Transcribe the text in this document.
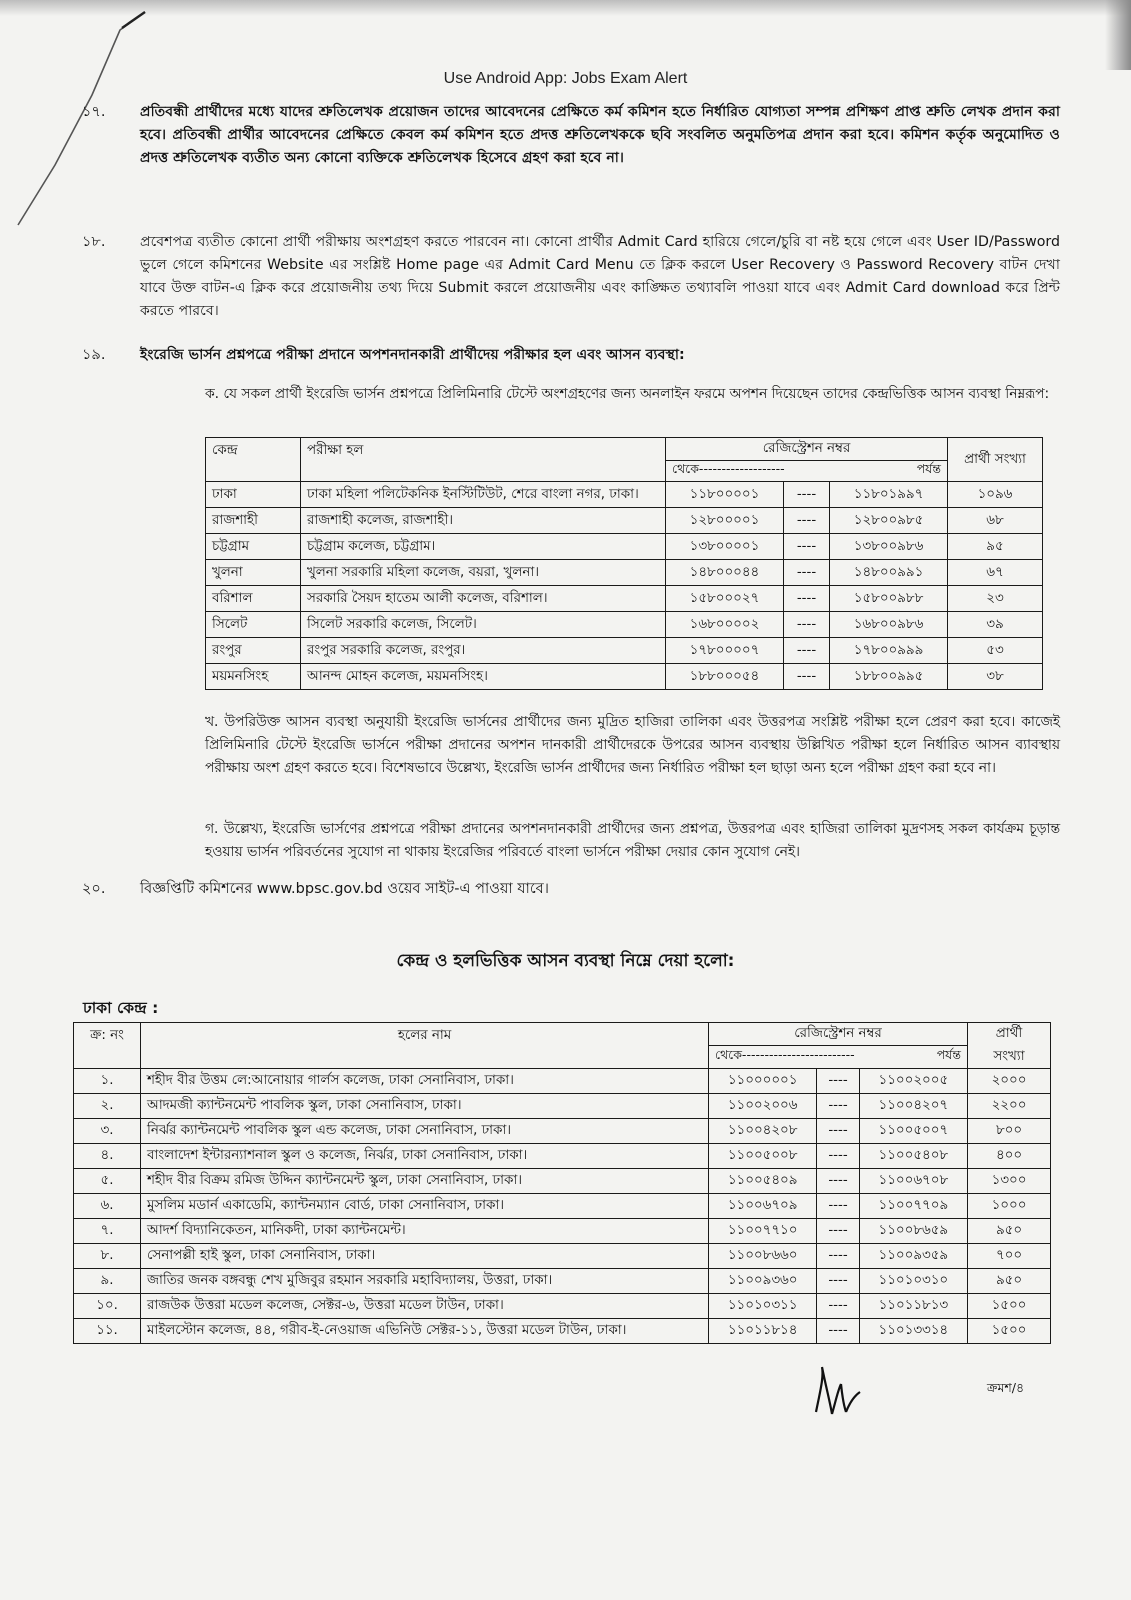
Use Android App: Jobs Exam Alert
১৭. প্রতিবন্ধী প্রার্থীদের মধ্যে যাদের শ্রুতিলেখক প্রয়োজন তাদের আবেদনের প্রেক্ষিতে কর্ম কমিশন হতে নির্ধারিত যোগ্যতা সম্পন্ন প্রশিক্ষণ প্রাপ্ত শ্রুতি লেখক প্রদান করা হবে। প্রতিবন্ধী প্রার্থীর আবেদনের প্রেক্ষিতে কেবল কর্ম কমিশন হতে প্রদত্ত শ্রুতিলেখককে ছবি সংবলিত অনুমতিপত্র প্রদান করা হবে। কমিশন কর্তৃক অনুমোদিত ও প্রদত্ত শ্রুতিলেখক ব্যতীত অন্য কোনো ব্যক্তিকে শ্রুতিলেখক হিসেবে গ্রহণ করা হবে না।
১৮. প্রবেশপত্র ব্যতীত কোনো প্রার্থী পরীক্ষায় অংশগ্রহণ করতে পারবেন না। কোনো প্রার্থীর Admit Card হারিয়ে গেলে/চুরি বা নষ্ট হয়ে গেলে এবং User ID/Password ভুলে গেলে কমিশনের Website এর সংশ্লিষ্ট Home page এর Admit Card Menu তে ক্লিক করলে User Recovery ও Password Recovery বাটন দেখা যাবে উক্ত বাটন-এ ক্লিক করে প্রয়োজনীয় তথ্য দিয়ে Submit করলে প্রয়োজনীয় এবং কাঙ্ক্ষিত তথ্যাবলি পাওয়া যাবে এবং Admit Card download করে প্রিন্ট করতে পারবে।
১৯. ইংরেজি ভার্সন প্রশ্নপত্রে পরীক্ষা প্রদানে অপশনদানকারী প্রার্থীদেয় পরীক্ষার হল এবং আসন ব্যবস্থা:
ক. যে সকল প্রার্থী ইংরেজি ভার্সন প্রশ্নপত্রে প্রিলিমিনারি টেস্টে অংশগ্রহণের জন্য অনলাইন ফরমে অপশন দিয়েছেন তাদের কেন্দ্রভিত্তিক আসন ব্যবস্থা নিম্নরূপ:
কেন্দ্র	পরীক্ষা হল	রেজিস্ট্রেশন নম্বর			প্রার্থী সংখ্যা

		থেকে------------------- পর্যন্ত			

ঢাকা	ঢাকা মহিলা পলিটেকনিক ইনস্টিটিউট, শেরে বাংলা নগর, ঢাকা।	১১৮০০০০১	----	১১৮০১৯৯৭	১০৯৬
রাজশাহী	রাজশাহী কলেজ, রাজশাহী।	১২৮০০০০১	----	১২৮০০৯৮৫	৬৮
চট্টগ্রাম	চট্টগ্রাম কলেজ, চট্টগ্রাম।	১৩৮০০০০১	----	১৩৮০০৯৮৬	৯৫
খুলনা	খুলনা সরকারি মহিলা কলেজ, বয়রা, খুলনা।	১৪৮০০০৪৪	----	১৪৮০০৯৯১	৬৭
বরিশাল	সরকারি সৈয়দ হাতেম আলী কলেজ, বরিশাল।	১৫৮০০০২৭	----	১৫৮০০৯৮৮	২৩
সিলেট	সিলেট সরকারি কলেজ, সিলেট।	১৬৮০০০০২	----	১৬৮০০৯৮৬	৩৯
রংপুর	রংপুর সরকারি কলেজ, রংপুর।	১৭৮০০০০৭	----	১৭৮০০৯৯৯	৫৩
ময়মনসিংহ	আনন্দ মোহন কলেজ, ময়মনসিংহ।	১৮৮০০০৫৪	----	১৮৮০০৯৯৫	৩৮
খ. উপরিউক্ত আসন ব্যবস্থা অনুযায়ী ইংরেজি ভার্সনের প্রার্থীদের জন্য মুদ্রিত হাজিরা তালিকা এবং উত্তরপত্র সংশ্লিষ্ট পরীক্ষা হলে প্রেরণ করা হবে। কাজেই প্রিলিমিনারি টেস্টে ইংরেজি ভার্সনে পরীক্ষা প্রদানের অপশন দানকারী প্রার্থীদেরকে উপরের আসন ব্যবস্থায় উল্লিখিত পরীক্ষা হলে নির্ধারিত আসন ব্যাবস্থায় পরীক্ষায় অংশ গ্রহণ করতে হবে। বিশেষভাবে উল্লেখ্য, ইংরেজি ভার্সন প্রার্থীদের জন্য নির্ধারিত পরীক্ষা হল ছাড়া অন্য হলে পরীক্ষা গ্রহণ করা হবে না।
গ. উল্লেখ্য, ইংরেজি ভার্সণের প্রশ্নপত্রে পরীক্ষা প্রদানের অপশনদানকারী প্রার্থীদের জন্য প্রশ্নপত্র, উত্তরপত্র এবং হাজিরা তালিকা মুদ্রণসহ সকল কার্যক্রম চূড়ান্ত হওয়ায় ভার্সন পরিবর্তনের সুযোগ না থাকায় ইংরেজির পরিবর্তে বাংলা ভার্সনে পরীক্ষা দেয়ার কোন সুযোগ নেই।
২০. বিজ্ঞপ্তিটি কমিশনের www.bpsc.gov.bd ওয়েব সাইট-এ পাওয়া যাবে।
কেন্দ্র ও হলভিত্তিক আসন ব্যবস্থা নিম্নে দেয়া হলো:
ঢাকা কেন্দ্র :
ক্র: নং	হলের নাম	রেজিস্ট্রেশন নম্বর			প্রার্থী

		থেকে------------------------- পর্যন্ত			সংখ্যা
১.	শহীদ বীর উত্তম লে:আনোয়ার গার্লস কলেজ, ঢাকা সেনানিবাস, ঢাকা।	১১০০০০০১	----	১১০০২০০৫	২০০০
২.	আদমজী ক্যান্টনমেন্ট পাবলিক স্কুল, ঢাকা সেনানিবাস, ঢাকা।	১১০০২০০৬	----	১১০০৪২০৭	২২০০
৩.	নির্ঝর ক্যান্টনমেন্ট পাবলিক স্কুল এন্ড কলেজ, ঢাকা সেনানিবাস, ঢাকা।	১১০০৪২০৮	----	১১০০৫০০৭	৮০০
৪.	বাংলাদেশ ইন্টারন্যাশনাল স্কুল ও কলেজ, নির্ঝর, ঢাকা সেনানিবাস, ঢাকা।	১১০০৫০০৮	----	১১০০৫৪০৮	৪০০
৫.	শহীদ বীর বিক্রম রমিজ উদ্দিন ক্যান্টনমেন্ট স্কুল, ঢাকা সেনানিবাস, ঢাকা।	১১০০৫৪০৯	----	১১০০৬৭০৮	১৩০০
৬.	মুসলিম মডার্ন একাডেমি, ক্যান্টনম্যান বোর্ড, ঢাকা সেনানিবাস, ঢাকা।	১১০০৬৭০৯	----	১১০০৭৭০৯	১০০০
৭.	আদর্শ বিদ্যানিকেতন, মানিকদী, ঢাকা ক্যান্টনমেন্ট।	১১০০৭৭১০	----	১১০০৮৬৫৯	৯৫০
৮.	সেনাপল্লী হাই স্কুল, ঢাকা সেনানিবাস, ঢাকা।	১১০০৮৬৬০	----	১১০০৯৩৫৯	৭০০
৯.	জাতির জনক বঙ্গবন্ধু শেখ মুজিবুর রহমান সরকারি মহাবিদ্যালয়, উত্তরা, ঢাকা।	১১০০৯৩৬০	----	১১০১০৩১০	৯৫০
১০.	রাজউক উত্তরা মডেল কলেজ, সেক্টর-৬, উত্তরা মডেল টাউন, ঢাকা।	১১০১০৩১১	----	১১০১১৮১৩	১৫০০
১১.	মাইলস্টোন কলেজ, ৪৪, গরীব-ই-নেওয়াজ এভিনিউ সেক্টর-১১, উত্তরা মডেল টাউন, ঢাকা।	১১০১১৮১৪	----	১১০১৩৩১৪	১৫০০
ক্রমশ/৪
